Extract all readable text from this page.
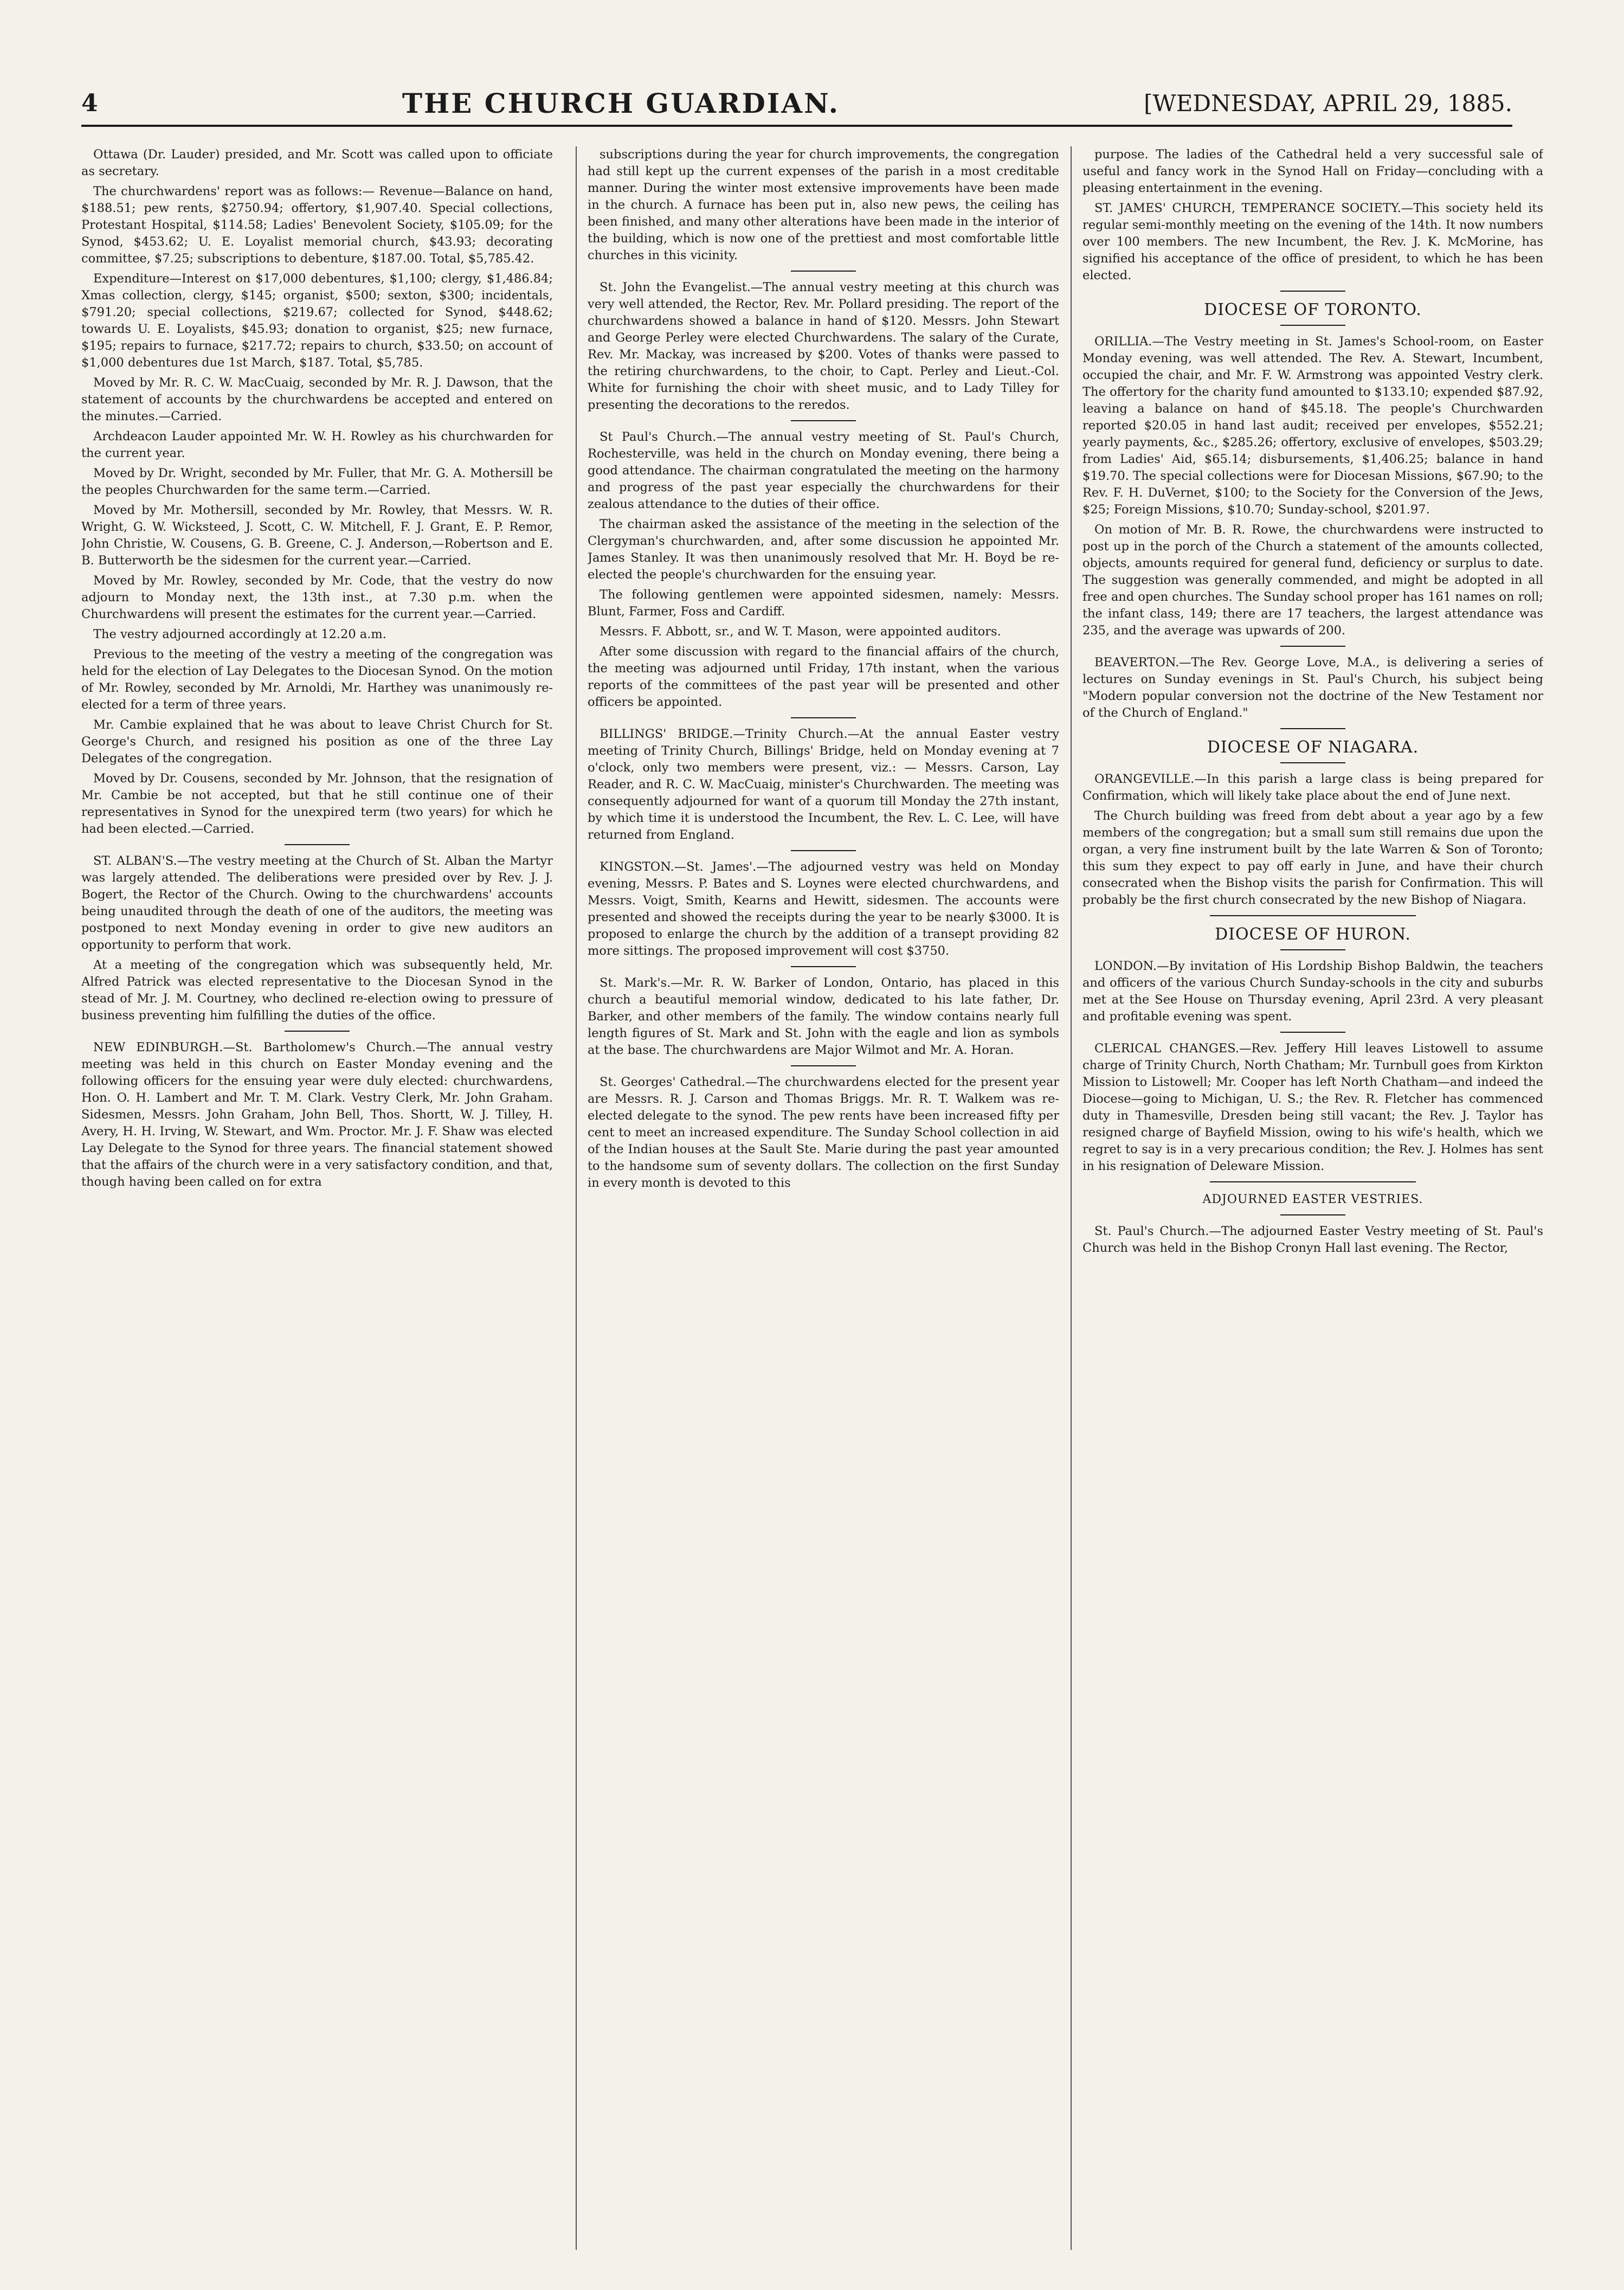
4	THE CHURCH GUARDIAN.	[WEDNESDAY, APRIL 29, 1885.

Ottawa (Dr. Lauder) presided, and Mr. Scott was called upon to officiate as secretary.

The churchwardens' report was as follows:— Revenue—Balance on hand, $188.51; pew rents, $2750.94; offertory, $1,907.40. Special collections, Protestant Hospital, $114.58; Ladies' Benevolent Society, $105.09; for the Synod, $453.62; U. E. Loyalist memorial church, $43.93; decorating committee, $7.25; subscriptions to debenture, $187.00. Total, $5,785.42.

Expenditure—Interest on $17,000 debentures, $1,100; clergy, $1,486.84; Xmas collection, clergy, $145; organist, $500; sexton, $300; incidentals, $791.20; special collections, $219.67; collected for Synod, $448.62; towards U. E. Loyalists, $45.93; donation to organist, $25; new furnace, $195; repairs to furnace, $217.72; repairs to church, $33.50; on account of $1,000 debentures due 1st March, $187. Total, $5,785.

Moved by Mr. R. C. W. MacCuaig, seconded by Mr. R. J. Dawson, that the statement of accounts by the churchwardens be accepted and entered on the minutes.—Carried.

Archdeacon Lauder appointed Mr. W. H. Rowley as his churchwarden for the current year.

Moved by Dr. Wright, seconded by Mr. Fuller, that Mr. G. A. Mothersill be the peoples Churchwarden for the same term.—Carried.

Moved by Mr. Mothersill, seconded by Mr. Rowley, that Messrs. W. R. Wright, G. W. Wicksteed, J. Scott, C. W. Mitchell, F. J. Grant, E. P. Remor, John Christie, W. Cousens, G. B. Greene, C. J. Anderson,—Robertson and E. B. Butterworth be the sidesmen for the current year.—Carried.

Moved by Mr. Rowley, seconded by Mr. Code, that the vestry do now adjourn to Monday next, the 13th inst., at 7.30 p.m. when the Churchwardens will present the estimates for the current year.—Carried.

The vestry adjourned accordingly at 12.20 a.m.

Previous to the meeting of the vestry a meeting of the congregation was held for the election of Lay Delegates to the Diocesan Synod. On the motion of Mr. Rowley, seconded by Mr. Arnoldi, Mr. Harthey was unanimously re-elected for a term of three years.

Mr. Cambie explained that he was about to leave Christ Church for St. George's Church, and resigned his position as one of the three Lay Delegates of the congregation.

Moved by Dr. Cousens, seconded by Mr. Johnson, that the resignation of Mr. Cambie be not accepted, but that he still continue one of their representatives in Synod for the unexpired term (two years) for which he had been elected.—Carried.

ST. ALBAN'S.—The vestry meeting at the Church of St. Alban the Martyr was largely attended. The deliberations were presided over by Rev. J. J. Bogert, the Rector of the Church. Owing to the churchwardens' accounts being unaudited through the death of one of the auditors, the meeting was postponed to next Monday evening in order to give new auditors an opportunity to perform that work.

At a meeting of the congregation which was subsequently held, Mr. Alfred Patrick was elected representative to the Diocesan Synod in the stead of Mr. J. M. Courtney, who declined re-election owing to pressure of business preventing him fulfilling the duties of the office.

NEW EDINBURGH.—St. Bartholomew's Church.—The annual vestry meeting was held in this church on Easter Monday evening and the following officers for the ensuing year were duly elected: churchwardens, Hon. O. H. Lambert and Mr. T. M. Clark. Vestry Clerk, Mr. John Graham. Sidesmen, Messrs. John Graham, John Bell, Thos. Shortt, W. J. Tilley, H. Avery, H. H. Irving, W. Stewart, and Wm. Proctor. Mr. J. F. Shaw was elected Lay Delegate to the Synod for three years. The financial statement showed that the affairs of the church were in a very satisfactory condition, and that, though having been called on for extra

subscriptions during the year for church improvements, the congregation had still kept up the current expenses of the parish in a most creditable manner. During the winter most extensive improvements have been made in the church. A furnace has been put in, also new pews, the ceiling has been finished, and many other alterations have been made in the interior of the building, which is now one of the prettiest and most comfortable little churches in this vicinity.

St. John the Evangelist.—The annual vestry meeting at this church was very well attended, the Rector, Rev. Mr. Pollard presiding. The report of the churchwardens showed a balance in hand of $120. Messrs. John Stewart and George Perley were elected Churchwardens. The salary of the Curate, Rev. Mr. Mackay, was increased by $200. Votes of thanks were passed to the retiring churchwardens, to the choir, to Capt. Perley and Lieut.-Col. White for furnishing the choir with sheet music, and to Lady Tilley for presenting the decorations to the reredos.

St Paul's Church.—The annual vestry meeting of St. Paul's Church, Rochesterville, was held in the church on Monday evening, there being a good attendance. The chairman congratulated the meeting on the harmony and progress of the past year especially the churchwardens for their zealous attendance to the duties of their office.

The chairman asked the assistance of the meeting in the selection of the Clergyman's churchwarden, and, after some discussion he appointed Mr. James Stanley. It was then unanimously resolved that Mr. H. Boyd be re-elected the people's churchwarden for the ensuing year.

The following gentlemen were appointed sidesmen, namely: Messrs. Blunt, Farmer, Foss and Cardiff.

Messrs. F. Abbott, sr., and W. T. Mason, were appointed auditors.

After some discussion with regard to the financial affairs of the church, the meeting was adjourned until Friday, 17th instant, when the various reports of the committees of the past year will be presented and other officers be appointed.

BILLINGS' BRIDGE.—Trinity Church.—At the annual Easter vestry meeting of Trinity Church, Billings' Bridge, held on Monday evening at 7 o'clock, only two members were present, viz.: — Messrs. Carson, Lay Reader, and R. C. W. MacCuaig, minister's Churchwarden. The meeting was consequently adjourned for want of a quorum till Monday the 27th instant, by which time it is understood the Incumbent, the Rev. L. C. Lee, will have returned from England.

KINGSTON.—St. James'.—The adjourned vestry was held on Monday evening, Messrs. P. Bates and S. Loynes were elected churchwardens, and Messrs. Voigt, Smith, Kearns and Hewitt, sidesmen. The accounts were presented and showed the receipts during the year to be nearly $3000. It is proposed to enlarge the church by the addition of a transept providing 82 more sittings. The proposed improvement will cost $3750.

St. Mark's.—Mr. R. W. Barker of London, Ontario, has placed in this church a beautiful memorial window, dedicated to his late father, Dr. Barker, and other members of the family. The window contains nearly full length figures of St. Mark and St. John with the eagle and lion as symbols at the base. The churchwardens are Major Wilmot and Mr. A. Horan.

St. Georges' Cathedral.—The churchwardens elected for the present year are Messrs. R. J. Carson and Thomas Briggs. Mr. R. T. Walkem was re-elected delegate to the synod. The pew rents have been increased fifty per cent to meet an increased expenditure. The Sunday School collection in aid of the Indian houses at the Sault Ste. Marie during the past year amounted to the handsome sum of seventy dollars. The collection on the first Sunday in every month is devoted to this

purpose. The ladies of the Cathedral held a very successful sale of useful and fancy work in the Synod Hall on Friday—concluding with a pleasing entertainment in the evening.

ST. JAMES' CHURCH, TEMPERANCE SOCIETY.—This society held its regular semi-monthly meeting on the evening of the 14th. It now numbers over 100 members. The new Incumbent, the Rev. J. K. McMorine, has signified his acceptance of the office of president, to which he has been elected.

DIOCESE OF TORONTO.

ORILLIA.—The Vestry meeting in St. James's School-room, on Easter Monday evening, was well attended. The Rev. A. Stewart, Incumbent, occupied the chair, and Mr. F. W. Armstrong was appointed Vestry clerk. The offertory for the charity fund amounted to $133.10; expended $87.92, leaving a balance on hand of $45.18. The people's Churchwarden reported $20.05 in hand last audit; received per envelopes, $552.21; yearly payments, &c., $285.26; offertory, exclusive of envelopes, $503.29; from Ladies' Aid, $65.14; disbursements, $1,406.25; balance in hand $19.70. The special collections were for Diocesan Missions, $67.90; to the Rev. F. H. DuVernet, $100; to the Society for the Conversion of the Jews, $25; Foreign Missions, $10.70; Sunday-school, $201.97.

On motion of Mr. B. R. Rowe, the churchwardens were instructed to post up in the porch of the Church a statement of the amounts collected, objects, amounts required for general fund, deficiency or surplus to date. The suggestion was generally commended, and might be adopted in all free and open churches. The Sunday school proper has 161 names on roll; the infant class, 149; there are 17 teachers, the largest attendance was 235, and the average was upwards of 200.

BEAVERTON.—The Rev. George Love, M.A., is delivering a series of lectures on Sunday evenings in St. Paul's Church, his subject being "Modern popular conversion not the doctrine of the New Testament nor of the Church of England."

DIOCESE OF NIAGARA.

ORANGEVILLE.—In this parish a large class is being prepared for Confirmation, which will likely take place about the end of June next.

The Church building was freed from debt about a year ago by a few members of the congregation; but a small sum still remains due upon the organ, a very fine instrument built by the late Warren & Son of Toronto; this sum they expect to pay off early in June, and have their church consecrated when the Bishop visits the parish for Confirmation. This will probably be the first church consecrated by the new Bishop of Niagara.

DIOCESE OF HURON.

LONDON.—By invitation of His Lordship Bishop Baldwin, the teachers and officers of the various Church Sunday-schools in the city and suburbs met at the See House on Thursday evening, April 23rd. A very pleasant and profitable evening was spent.

CLERICAL CHANGES.—Rev. Jeffery Hill leaves Listowell to assume charge of Trinity Church, North Chatham; Mr. Turnbull goes from Kirkton Mission to Listowell; Mr. Cooper has left North Chatham—and indeed the Diocese—going to Michigan, U. S.; the Rev. R. Fletcher has commenced duty in Thamesville, Dresden being still vacant; the Rev. J. Taylor has resigned charge of Bayfield Mission, owing to his wife's health, which we regret to say is in a very precarious condition; the Rev. J. Holmes has sent in his resignation of Deleware Mission.

ADJOURNED EASTER VESTRIES.

St. Paul's Church.—The adjourned Easter Vestry meeting of St. Paul's Church was held in the Bishop Cronyn Hall last evening. The Rector,
